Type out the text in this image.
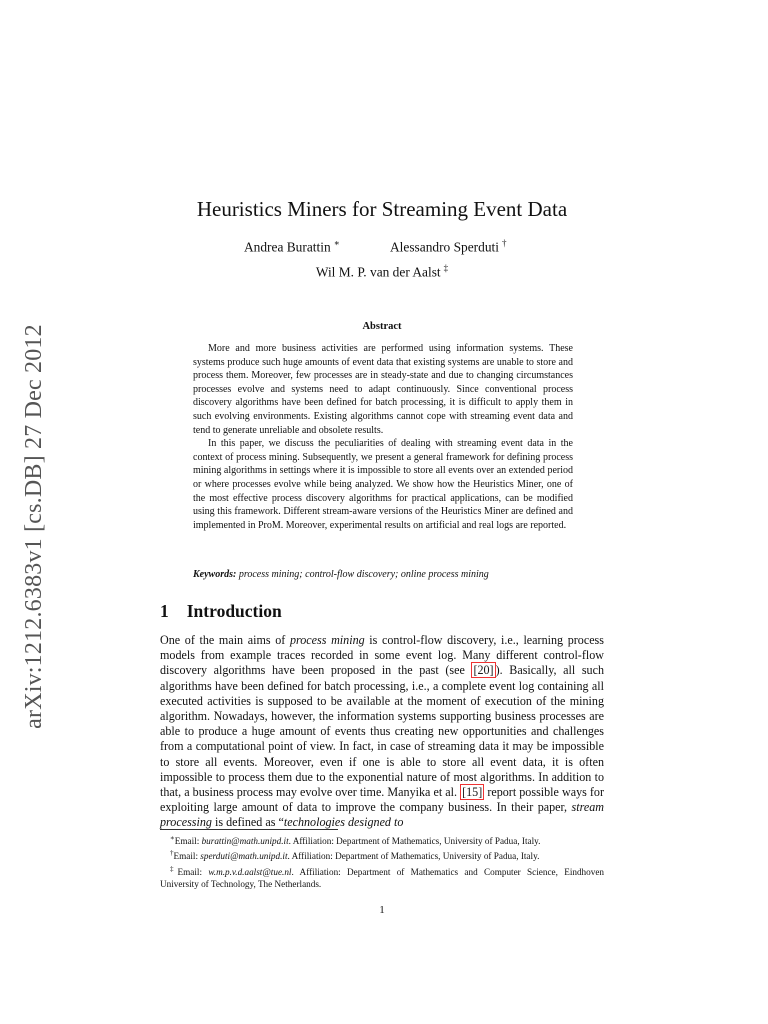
arXiv:1212.6383v1 [cs.DB] 27 Dec 2012
Heuristics Miners for Streaming Event Data
Andrea Burattin ∗	Alessandro Sperduti †
Wil M. P. van der Aalst ‡
Abstract

More and more business activities are performed using information systems. These systems produce such huge amounts of event data that existing systems are unable to store and process them. Moreover, few processes are in steady-state and due to changing circumstances processes evolve and systems need to adapt continuously. Since conventional process discovery algorithms have been defined for batch processing, it is difficult to apply them in such evolving environments. Existing algorithms cannot cope with streaming event data and tend to generate unreliable and obsolete results.

In this paper, we discuss the peculiarities of dealing with streaming event data in the context of process mining. Subsequently, we present a general framework for defining process mining algorithms in settings where it is impossible to store all events over an extended period or where processes evolve while being analyzed. We show how the Heuristics Miner, one of the most effective process discovery algorithms for practical applications, can be modified using this framework. Different stream-aware versions of the Heuristics Miner are defined and implemented in ProM. Moreover, experimental results on artificial and real logs are reported.

Keywords: process mining; control-flow discovery; online process mining
1 Introduction

One of the main aims of process mining is control-flow discovery, i.e., learning process models from example traces recorded in some event log. Many different control-flow discovery algorithms have been proposed in the past (see [20] ). Basically, all such algorithms have been defined for batch processing, i.e., a complete event log containing all executed activities is supposed to be available at the moment of execution of the mining algorithm. Nowadays, however, the information systems supporting business processes are able to produce a huge amount of events thus creating new opportunities and challenges from a computational point of view. In fact, in case of streaming data it may be impossible to store all events. Moreover, even if one is able to store all event data, it is often impossible to process them due to the exponential nature of most algorithms. In addition to that, a business process may evolve over time. Manyika et al. [15] report possible ways for exploiting large amount of data to improve the company business. In their paper, stream processing is defined as “technologies designed to

∗Email: burattin@math.unipd.it. Affiliation: Department of Mathematics, University of Padua, Italy.
†Email: sperduti@math.unipd.it. Affiliation: Department of Mathematics, University of Padua, Italy.
‡Email: w.m.p.v.d.aalst@tue.nl. Affiliation: Department of Mathematics and Computer Science, Eindhoven University of Technology, The Netherlands.
1
